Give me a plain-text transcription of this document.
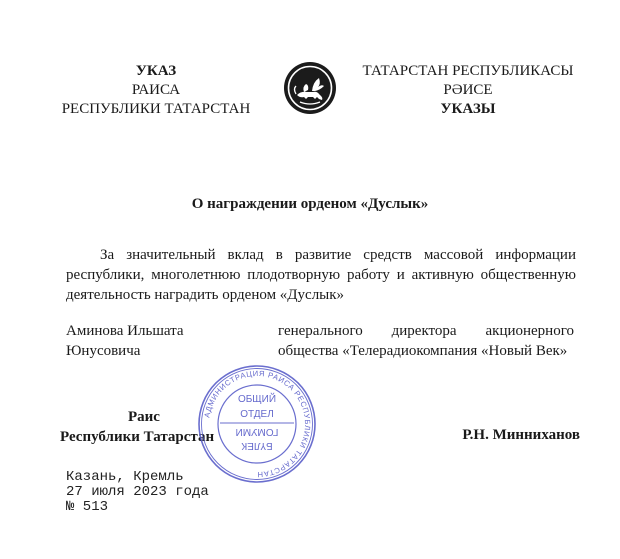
УКАЗ
РАИСА
РЕСПУБЛИКИ ТАТАРСТАН
ТАТАРСТАН РЕСПУБЛИКАСЫ
РӘИСЕ
УКАЗЫ
О награждении орденом «Дуслык»
За значительный вклад в развитие средств массовой информации республики, многолетнюю плодотворную работу и активную общественную деятельность наградить орденом «Дуслык»
Аминова Ильшата
Юнусовича
генерального директора акционерного
общества «Телерадиокомпания «Новый Век»
Раис
Республики Татарстан
АДМИНИСТРАЦИЯ РАИСА РЕСПУБЛИКИ ТАТАРСТАН
ОБЩИЙ
ОТДЕЛ
ГОМУМИ
БҮЛЕК
Р.Н. Минниханов
Казань, Кремль
27 июля 2023 года
№ 513
